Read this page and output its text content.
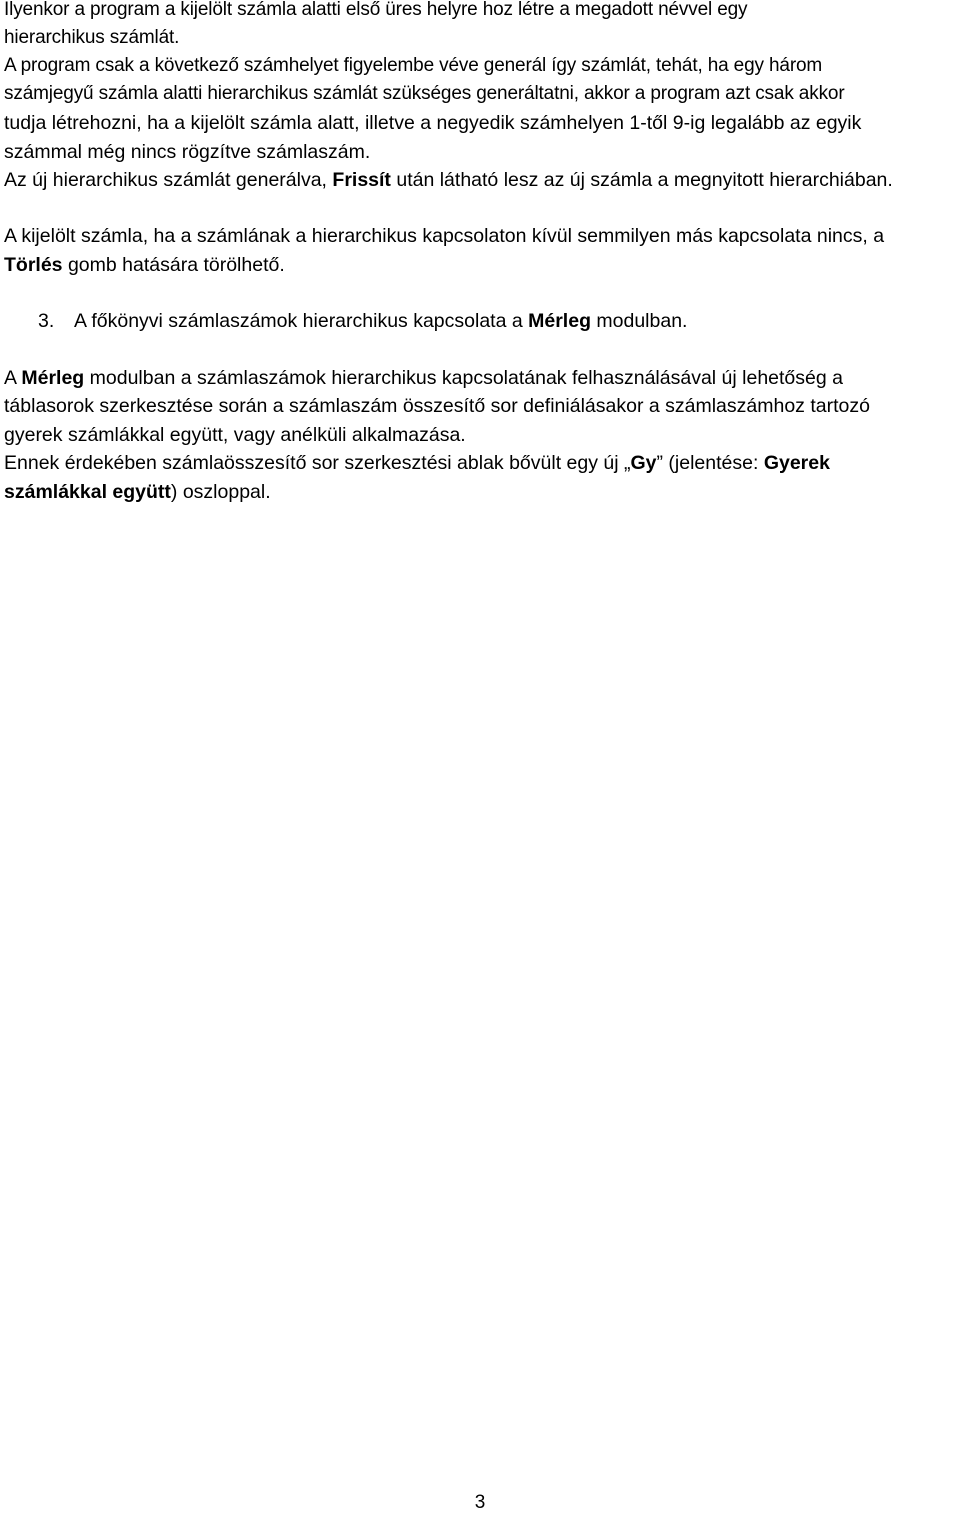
Ilyenkor a program a kijelölt számla alatti első üres helyre hoz létre a megadott névvel egy
hierarchikus számlát.
A program csak a következő számhelyet figyelembe véve generál így számlát, tehát, ha egy három
számjegyű számla alatti hierarchikus számlát szükséges generáltatni, akkor a program azt csak akkor
tudja létrehozni, ha a kijelölt számla alatt, illetve a negyedik számhelyen 1-től 9-ig legalább az egyik
számmal még nincs rögzítve számlaszám.
Az új hierarchikus számlát generálva, Frissít után látható lesz az új számla a megnyitott hierarchiában.
A kijelölt számla, ha a számlának a hierarchikus kapcsolaton kívül semmilyen más kapcsolata nincs, a
Törlés gomb hatására törölhető.
3. A főkönyvi számlaszámok hierarchikus kapcsolata a Mérleg modulban.
A Mérleg modulban a számlaszámok hierarchikus kapcsolatának felhasználásával új lehetőség a
táblasorok szerkesztése során a számlaszám összesítő sor definiálásakor a számlaszámhoz tartozó
gyerek számlákkal együtt, vagy anélküli alkalmazása.
Ennek érdekében számlaösszesítő sor szerkesztési ablak bővült egy új „Gy” (jelentése: Gyerek
számlákkal együtt) oszloppal.
3
